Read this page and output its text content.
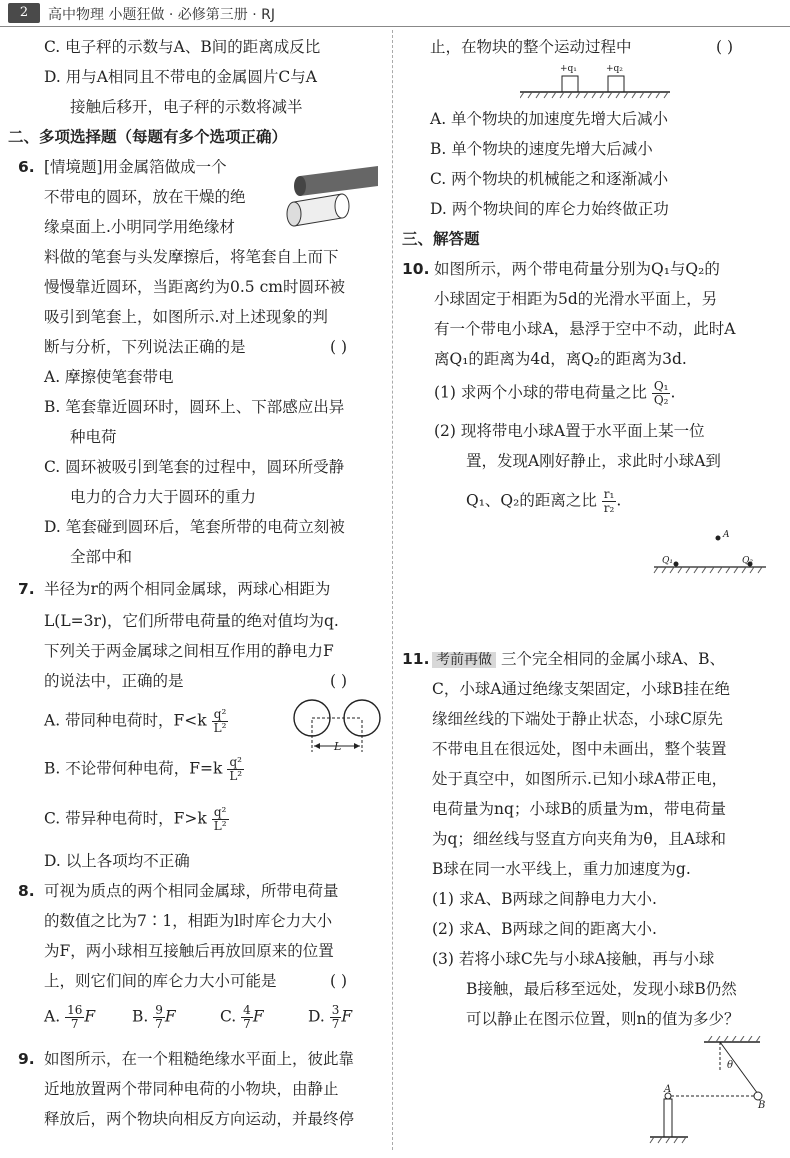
2	高中物理 小题狂做 · 必修第三册 · RJ
C. 电子秤的示数与A、B间的距离成反比
D. 用与A相同且不带电的金属圆片C与A
接触后移开，电子秤的示数将减半
二、多项选择题（每题有多个选项正确）
6. [情境题]用金属箔做成一个
不带电的圆环，放在干燥的绝
缘桌面上.小明同学用绝缘材
料做的笔套与头发摩擦后，将笔套自上而下
慢慢靠近圆环，当距离约为0.5 cm时圆环被
吸引到笔套上，如图所示.对上述现象的判
断与分析，下列说法正确的是	( )
A. 摩擦使笔套带电
B. 笔套靠近圆环时，圆环上、下部感应出异
种电荷
C. 圆环被吸引到笔套的过程中，圆环所受静
电力的合力大于圆环的重力
D. 笔套碰到圆环后，笔套所带的电荷立刻被
全部中和
7. 半径为r的两个相同金属球，两球心相距为
L(L=3r)，它们所带电荷量的绝对值均为q.
下列关于两金属球之间相互作用的静电力F
的说法中，正确的是	( )
A. 带同种电荷时，$F<k \frac{\text{q²}}{\text{L²}}$
B. 不论带何种电荷，$F=k \frac{\text{q²}}{\text{L²}}$
C. 带异种电荷时，$F>k \frac{\text{q²}}{\text{L²}}$
D. 以上各项均不正确
L
8. 可视为质点的两个相同金属球，所带电荷量
的数值之比为7∶1，相距为l时库仑力大小
为F，两小球相互接触后再放回原来的位置
上，则它们间的库仑力大小可能是	( )
A. $\frac{16}{7}$ F B. $\frac{9}{7}$ F	C. $\frac{4}{7}$ F	D. $\frac{3}{7}$ F
9. 如图所示，在一个粗糙绝缘水平面上，彼此靠
近地放置两个带同种电荷的小物块，由静止
释放后，两个物块向相反方向运动，并最终停
止，在物块的整个运动过程中	( )
+q₁	+q₂
A. 单个物块的加速度先增大后减小
B. 单个物块的速度先增大后减小
C. 两个物块的机械能之和逐渐减小
D. 两个物块间的库仑力始终做正功
三、解答题
10. 如图所示，两个带电荷量分别为Q₁与Q₂的
小球固定于相距为5d的光滑水平面上，另
有一个带电小球A，悬浮于空中不动，此时A
离Q₁的距离为4d，离Q₂的距离为3d.
(1) 求两个小球的带电荷量之比 $\frac{\text{Q₁}}{\text{Q₂}}$ .
(2) 现将带电小球A置于水平面上某一位
置，发现A刚好静止，求此时小球A到
Q₁、Q₂的距离之比 $\frac{\text{r₁}}{\text{r₂}}$ .
A
Q₁	Q₂
11. 考前再做 三个完全相同的金属小球A、B、
C，小球A通过绝缘支架固定，小球B挂在绝
缘细丝线的下端处于静止状态，小球C原先
不带电且在很远处，图中未画出，整个装置
处于真空中，如图所示.已知小球A带正电，
电荷量为nq；小球B的质量为m，带电荷量
为q；细丝线与竖直方向夹角为θ，且A球和
B球在同一水平线上，重力加速度为g.
(1) 求A、B两球之间静电力大小.
(2) 求A、B两球之间的距离大小.
(3) 若将小球C先与小球A接触，再与小球
B接触，最后移至远处，发现小球B仍然
可以静止在图示位置，则n的值为多少？
A
B
θ
